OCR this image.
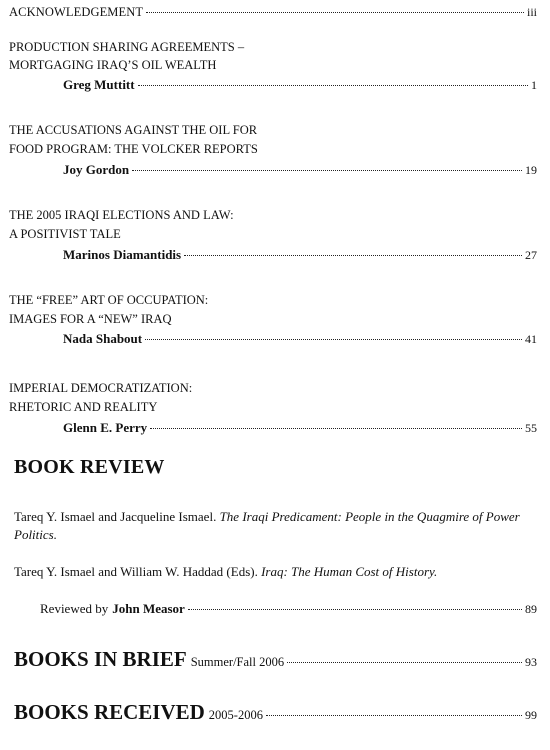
ACKNOWLEDGEMENT	iii
PRODUCTION SHARING AGREEMENTS –
MORTGAGING IRAQ’S OIL WEALTH
Greg Muttitt	1
THE ACCUSATIONS AGAINST THE OIL FOR
FOOD PROGRAM: THE VOLCKER REPORTS
Joy Gordon	19
THE 2005 IRAQI ELECTIONS AND LAW:
A POSITIVIST TALE
Marinos Diamantidis	27
THE “FREE” ART OF OCCUPATION:
IMAGES FOR A “NEW” IRAQ
Nada Shabout	41
IMPERIAL DEMOCRATIZATION:
RHETORIC AND REALITY
Glenn E. Perry	55
BOOK REVIEW
Tareq Y. Ismael and Jacqueline Ismael. The Iraqi Predicament: People in the Quagmire of Power Politics.
Tareq Y. Ismael and William W. Haddad (Eds). Iraq: The Human Cost of History.
Reviewed by John Measor	89
BOOKS IN BRIEF Summer/Fall 2006	93
BOOKS RECEIVED 2005-2006	99
